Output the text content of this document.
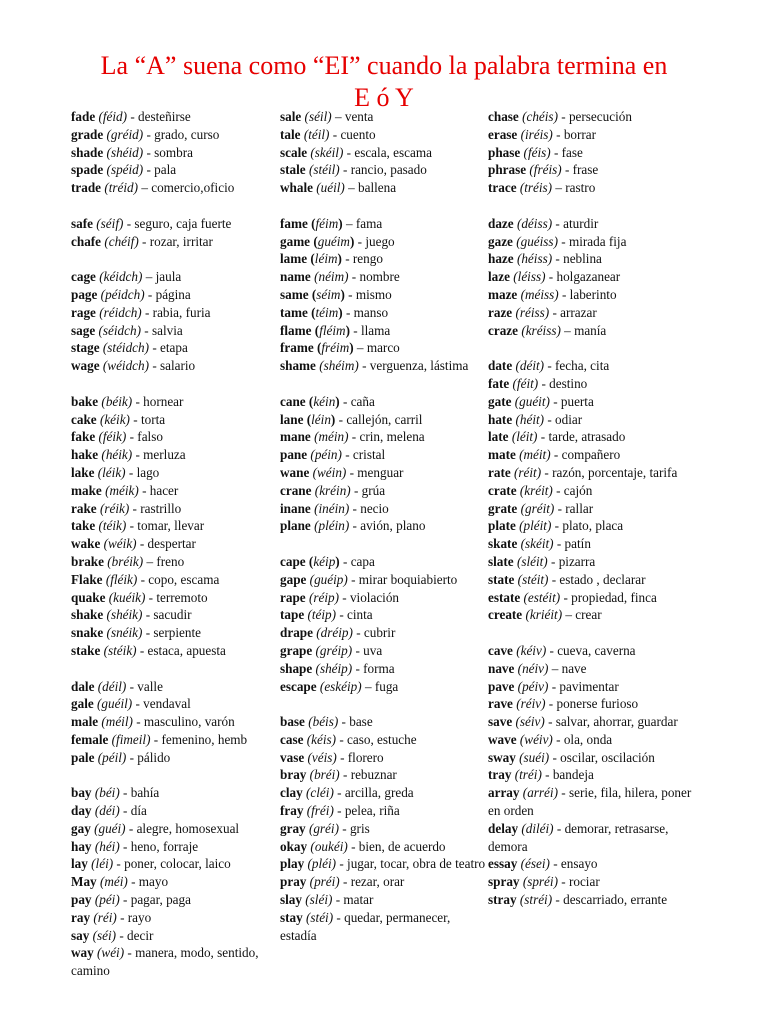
La “A” suena como “EI” cuando la palabra termina en
E ó Y
fade (féid) - desteñirse
grade (gréid) - grado, curso
shade (shéid) - sombra
spade (spéid) - pala
trade (tréid) – comercio,oficio
safe (séif) - seguro, caja fuerte
chafe (chéif) - rozar, irritar
cage (kéidch) – jaula
page (péidch) - página
rage (réidch) - rabia, furia
sage (séidch) - salvia
stage (stéidch) - etapa
wage (wéidch) - salario
bake (béik) - hornear
cake (kéik) - torta
fake (féik) - falso
hake (héik) - merluza
lake (léik) - lago
make (méik) - hacer
rake (réik) - rastrillo
take (téik) - tomar, llevar
wake (wéik) - despertar
brake (bréik) – freno
Flake (fléik) - copo, escama
quake (kuéik) - terremoto
shake (shéik) - sacudir
snake (snéik) - serpiente
stake (stéik) - estaca, apuesta
dale (déil) - valle
gale (guéil) - vendaval
male (méil) - masculino, varón
female (fimeil) - femenino, hemb
pale (péil) - pálido
bay (béi) - bahía
day (déi) - día
gay (guéi) - alegre, homosexual
hay (héi) - heno, forraje
lay (léi) - poner, colocar, laico
May (méi) - mayo
pay (péi) - pagar, paga
ray (réi) - rayo
say (séi) - decir
way (wéi) - manera, modo, sentido, camino
sale (séil) – venta
tale (téil) - cuento
scale (skéil) - escala, escama
stale (stéil) - rancio, pasado
whale (uéil) – ballena
fame (féim) – fama
game (guéim) - juego
lame (léim) - rengo
name (néim) - nombre
same (séim) - mismo
tame (téim) - manso
flame (fléim) - llama
frame (fréim) – marco
shame (shéim) - verguenza, lástima
cane (kéin) - caña
lane (léin) - callejón, carril
mane (méin) - crin, melena
pane (péin) - cristal
wane (wéin) - menguar
crane (kréin) - grúa
inane (inéin) - necio
plane (pléin) - avión, plano
cape (kéip) - capa
gape (guéip) - mirar boquiabierto
rape (réip) - violación
tape (téip) - cinta
drape (dréip) - cubrir
grape (gréip) - uva
shape (shéip) - forma
escape (eskéip) – fuga
base (béis) - base
case (kéis) - caso, estuche
vase (véis) - florero
bray (bréi) - rebuznar
clay (cléi) - arcilla, greda
fray (fréi) - pelea, riña
gray (gréi) - gris
okay (oukéi) - bien, de acuerdo
play (pléi) - jugar, tocar, obra de teatro
pray (préi) - rezar, orar
slay (sléi) - matar
stay (stéi) - quedar, permanecer, estadía
chase (chéis) - persecución
erase (iréis) - borrar
phase (féis) - fase
phrase (fréis) - frase
trace (tréis) – rastro
daze (déiss) - aturdir
gaze (guéiss) - mirada fija
haze (héiss) - neblina
laze (léiss) - holgazanear
maze (méiss) - laberinto
raze (réiss) - arrazar
craze (kréiss) – manía
date (déit) - fecha, cita
fate (féit) - destino
gate (guéit) - puerta
hate (héit) - odiar
late (léit) - tarde, atrasado
mate (méit) - compañero
rate (réit) - razón, porcentaje, tarifa
crate (kréit) - cajón
grate (gréit) - rallar
plate (pléit) - plato, placa
skate (skéit) - patín
slate (sléit) - pizarra
state (stéit) - estado , declarar
estate (estéit) - propiedad, finca
create (kriéit) – crear
cave (kéiv) - cueva, caverna
nave (néiv) – nave
pave (péiv) - pavimentar
rave (réiv) - ponerse furioso
save (séiv) - salvar, ahorrar, guardar
wave (wéiv) - ola, onda
sway (suéi) - oscilar, oscilación
tray (tréi) - bandeja
array (arréi) - serie, fila, hilera, poner en orden
delay (diléi) - demorar, retrasarse, demora
essay (ései) - ensayo
spray (spréi) - rociar
stray (stréi) - descarriado, errante
